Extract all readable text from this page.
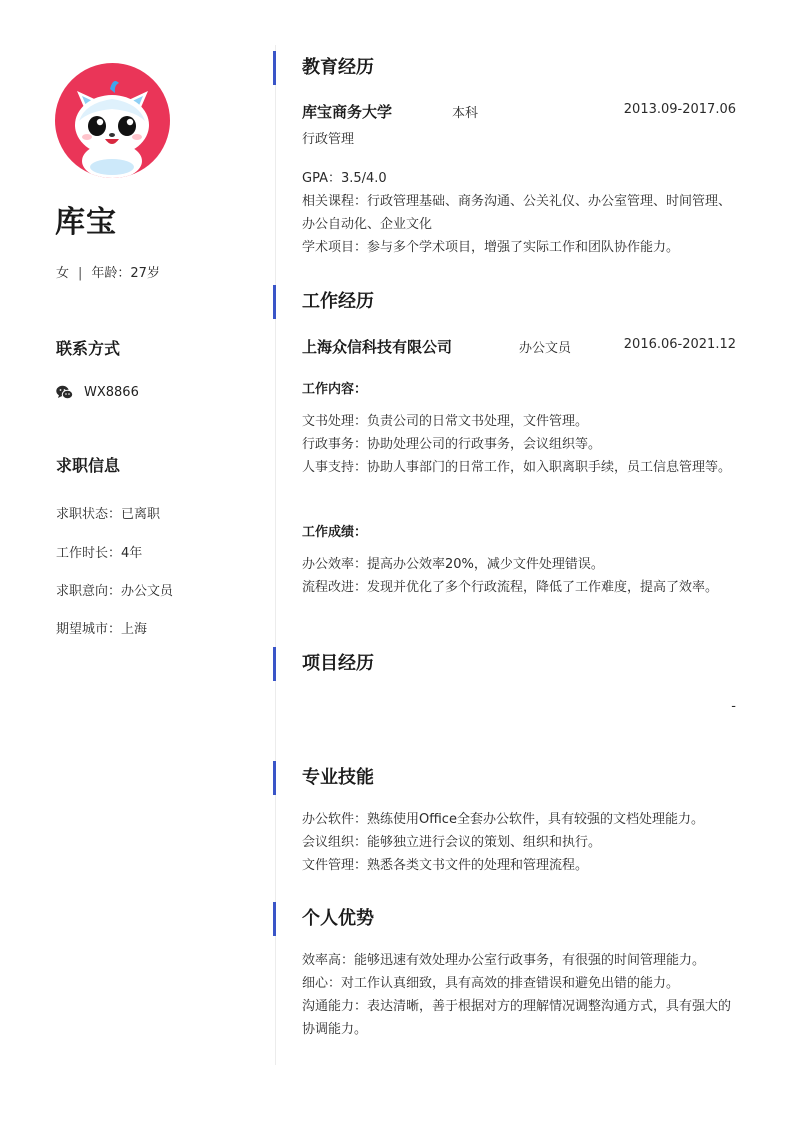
库宝
女 | 年龄：27岁
联系方式
WX8866
求职信息
求职状态：已离职
工作时长：4年
求职意向：办公文员
期望城市：上海
教育经历
库宝商务大学	本科	2013.09-2017.06
行政管理
GPA：3.5/4.0
相关课程：行政管理基础、商务沟通、公关礼仪、办公室管理、时间管理、办公自动化、企业文化
学术项目：参与多个学术项目，增强了实际工作和团队协作能力。
工作经历
上海众信科技有限公司	办公文员	2016.06-2021.12
工作内容：
文书处理：负责公司的日常文书处理，文件管理。
行政事务：协助处理公司的行政事务，会议组织等。
人事支持：协助人事部门的日常工作，如入职离职手续，员工信息管理等。
工作成绩：
办公效率：提高办公效率20%，减少文件处理错误。
流程改进：发现并优化了多个行政流程，降低了工作难度，提高了效率。
项目经历
-
专业技能
办公软件：熟练使用Office全套办公软件，具有较强的文档处理能力。
会议组织：能够独立进行会议的策划、组织和执行。
文件管理：熟悉各类文书文件的处理和管理流程。
个人优势
效率高：能够迅速有效处理办公室行政事务，有很强的时间管理能力。
细心：对工作认真细致，具有高效的排查错误和避免出错的能力。
沟通能力：表达清晰，善于根据对方的理解情况调整沟通方式，具有强大的协调能力。
